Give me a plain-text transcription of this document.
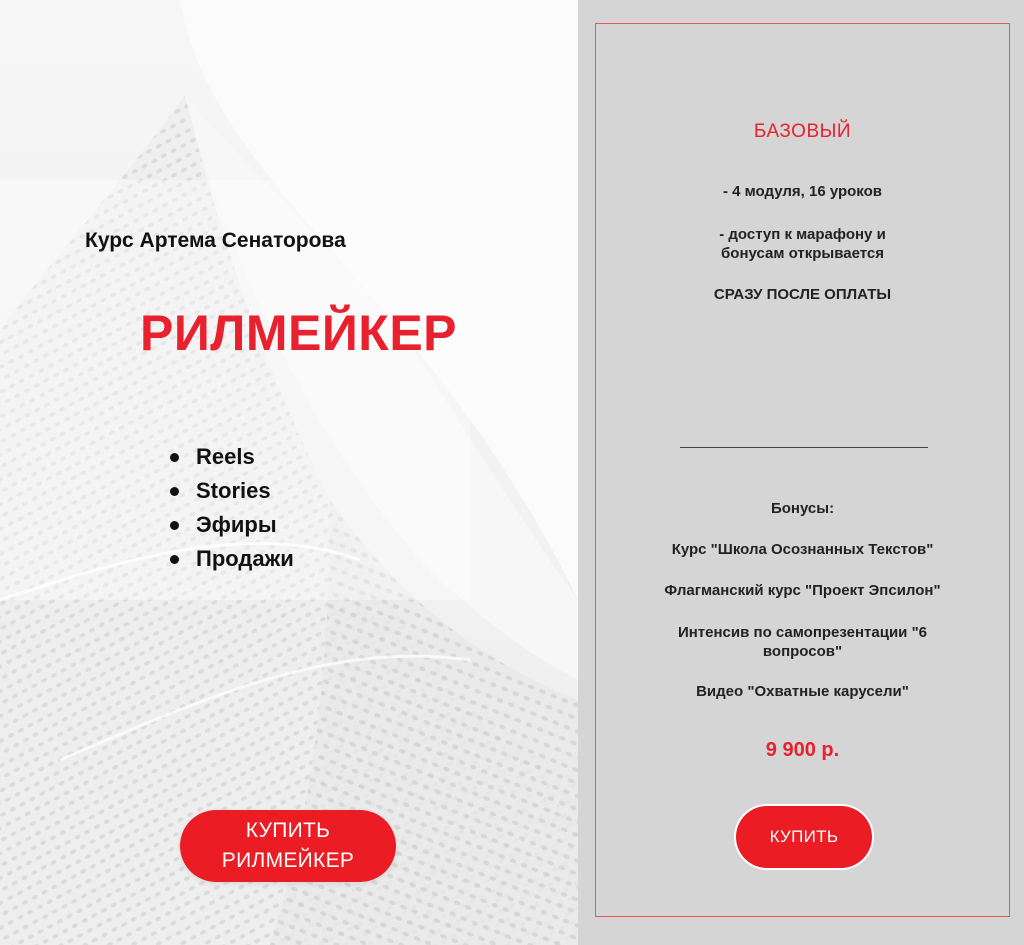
Курс Артема Сенаторова

РИЛМЕЙКЕР
Reels
Stories
Эфиры
Продажи
КУПИТЬ
РИЛМЕЙКЕР

БАЗОВЫЙ

- 4 модуля, 16 уроков

- доступ к марафону и бонусам открывается

СРАЗУ ПОСЛЕ ОПЛАТЫ

Бонусы:

Курс "Школа Осознанных Текстов"

Флагманский курс "Проект Эпсилон"

Интенсив по самопрезентации "6 вопросов"

Видео "Охватные карусели"

9 900 р.

КУПИТЬ
